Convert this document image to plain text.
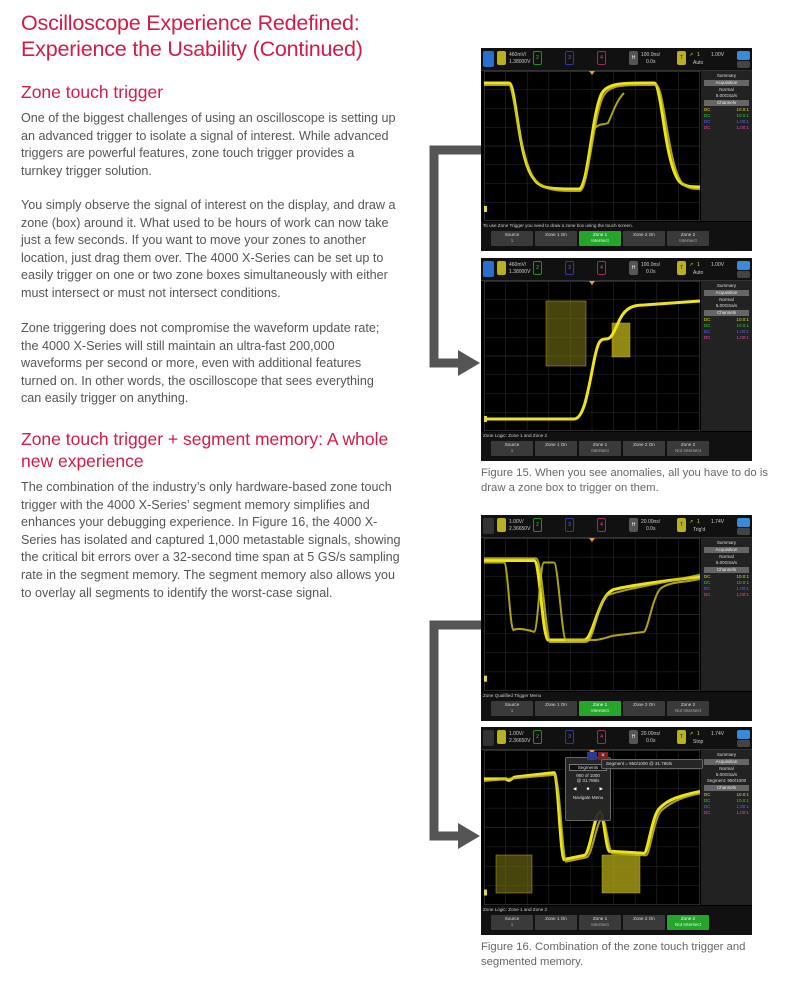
Oscilloscope Experience Redefined:
Experience the Usability (Continued)
Zone touch trigger

One of the biggest challenges of using an oscilloscope is setting up an advanced trigger to isolate a signal of interest. While advanced triggers are powerful features, zone touch trigger provides a turnkey trigger solution.

You simply observe the signal of interest on the display, and draw a zone (box) around it. What used to be hours of work can now take just a few seconds. If you want to move your zones to another location, just drag them over. The 4000 X-Series can be set up to easily trigger on one or two zone boxes simultaneously with either must intersect or must not intersect conditions.

Zone triggering does not compromise the waveform update rate; the 4000 X-Series will still maintain an ultra-fast 200,000 waveforms per second or more, even with additional features turned on. In other words, the oscilloscope that sees everything can easily trigger on anything.

Zone touch trigger + segment memory: A whole new experience

The combination of the industry’s only hardware-based zone touch trigger with the 4000 X-Series’ segment memory simplifies and enhances your debugging experience. In Figure 16, the 4000 X-Series has isolated and captured 1,000 metastable signals, showing the critical bit errors over a 32-second time span at 5 GS/s sampling rate in the segment memory. The segment memory also allows you to overlay all segments to identify the worst-case signal.

460mV/
1.38000V
2	3	4	H	100.0ns/
0.0s
T	↗ 1 1.00V
Auto
Summary
Acquisition
Normal
5.00GSa/s
Channels
DC	10.0:1
DC	10.0:1
DC	1.00:1
DC	1.00:1
To use Zone Trigger you need to draw a zone box using the touch screen.
Source
1
Zone 1 On	Zone 1
Intersect
Zone 2 On	Zone 2
Intersect
460mV/
1.38000V
2	3	4	H	100.0ns/
0.0s
T	↗ 1 1.00V
Auto
Summary
Acquisition
Normal
5.00GSa/s
Channels
DC	10.0:1
DC	10.0:1
DC	1.00:1
DC	1.00:1
Zone Logic: Zone 1 and Zone 2
Source
1
Zone 1 On	Zone 1
Intersect
Zone 2 On	Zone 2
Not Intersect
1.00V/
2.36650V
2	3	4	H	20.00ns/
0.0s
T	↗ 1 1.74V
Trig'd
Summary
Acquisition
Normal
5.00GSa/s
Channels
DC	10.0:1
DC	10.0:1
DC	1.00:1
DC	1.00:1
Zone Qualified Trigger Menu
Source
1
Zone 1 On	Zone 1
Intersect
Zone 2 On	Zone 2
Not Intersect
1.00V/
2.36650V
2	3	4	H	20.00ns/
0.0s
T	↗ 1 1.74V
Stop
Summary
Acquisition
Normal
5.00GSa/s
Segment: 950/1000
Channels
DC	10.0:1
DC	10.0:1
DC	1.00:1
DC	1.00:1
Segments
950 of 1000
@ 31.786ls
◀ ■ ▶
Navigate Menu
×
Segment = 950/1000 @ 31.786ls
Zone Logic: Zone 1 and Zone 2
Source
1
Zone 1 On	Zone 1
Intersect
Zone 2 On	Zone 2
Not Intersect

Figure 15. When you see anomalies, all you have to do is draw a zone box to trigger on them.

Figure 16. Combination of the zone touch trigger and segmented memory.
